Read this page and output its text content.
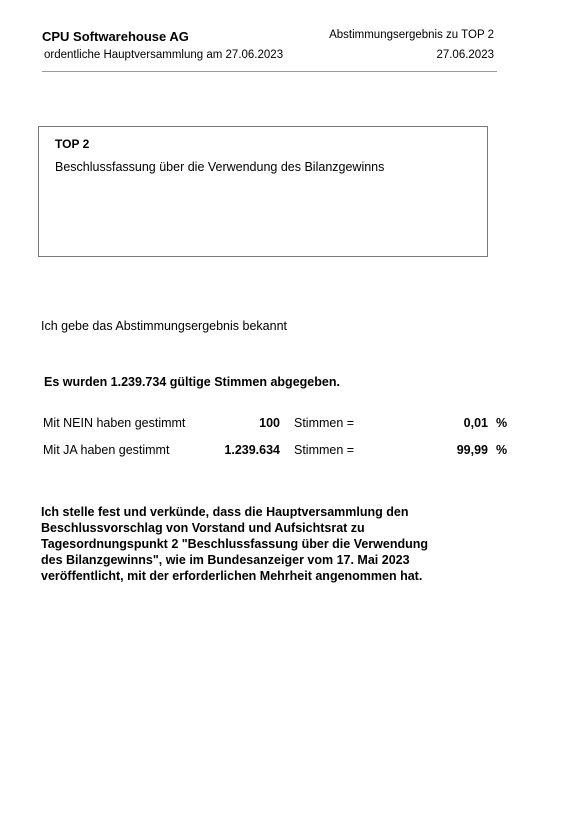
CPU Softwarehouse AG
ordentliche Hauptversammlung am 27.06.2023
Abstimmungsergebnis zu TOP 2
27.06.2023
TOP 2
Beschlussfassung über die Verwendung des Bilanzgewinns
Ich gebe das Abstimmungsergebnis bekannt
Es wurden 1.239.734 gültige Stimmen abgegeben.
Mit NEIN haben gestimmt	100 Stimmen =	0,01 %
Mit JA haben gestimmt	1.239.634 Stimmen =	99,99 %
Ich stelle fest und verkünde, dass die Hauptversammlung den
Beschlussvorschlag von Vorstand und Aufsichtsrat zu
Tagesordnungspunkt 2 "Beschlussfassung über die Verwendung
des Bilanzgewinns", wie im Bundesanzeiger vom 17. Mai 2023
veröffentlicht, mit der erforderlichen Mehrheit angenommen hat.
